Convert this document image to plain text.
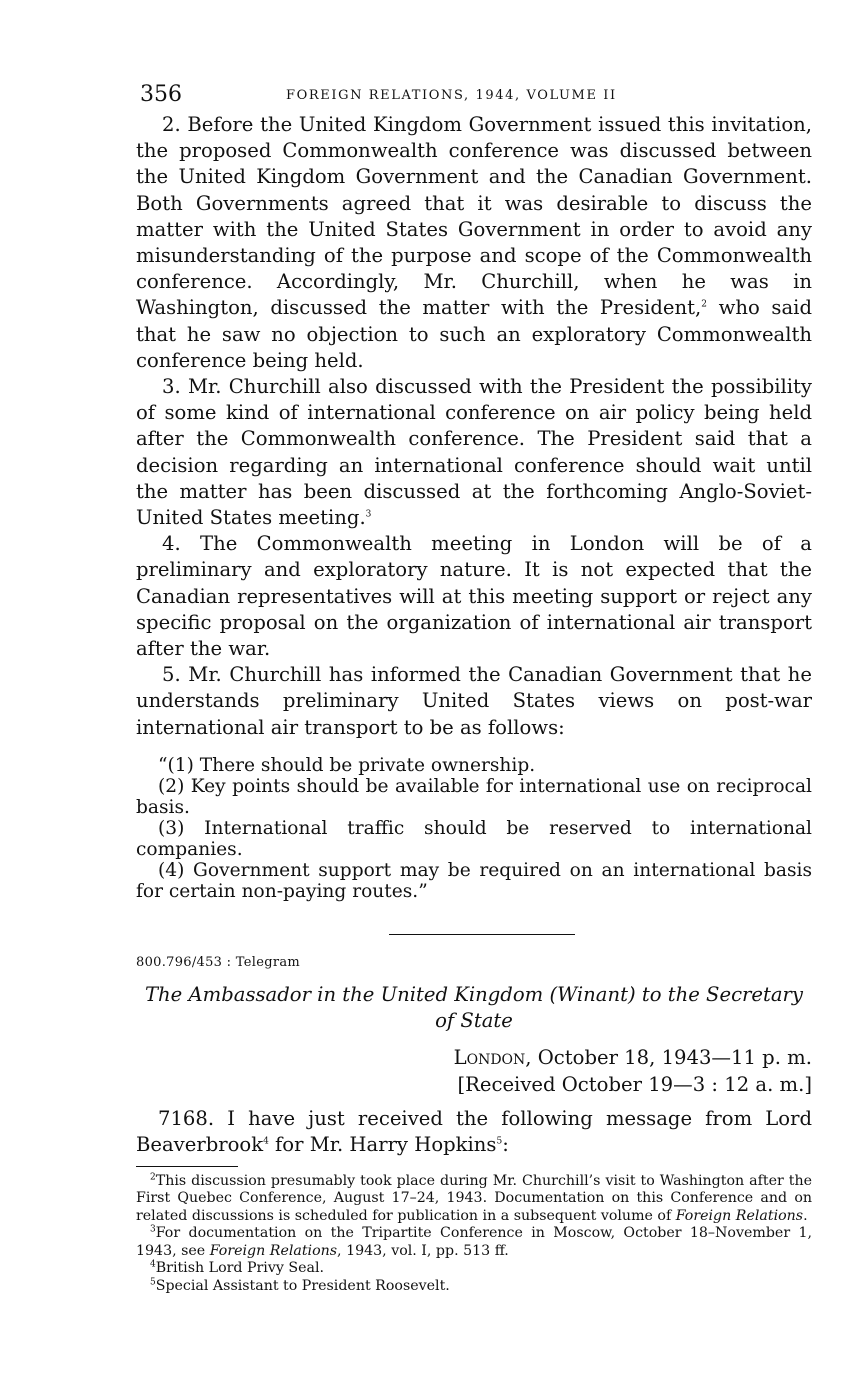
356	FOREIGN RELATIONS, 1944, VOLUME II

2. Before the United Kingdom Government issued this invitation, the proposed Commonwealth conference was discussed between the United Kingdom Government and the Canadian Government. Both Governments agreed that it was desirable to discuss the matter with the United States Government in order to avoid any misunderstanding of the purpose and scope of the Commonwealth conference. Accordingly, Mr. Churchill, when he was in Washington, discussed the matter with the President,$^2$ who said that he saw no objection to such an exploratory Commonwealth conference being held.

3. Mr. Churchill also discussed with the President the possibility of some kind of international conference on air policy being held after the Commonwealth conference. The President said that a decision regarding an international conference should wait until the matter has been discussed at the forthcoming Anglo-Soviet-United States meeting.$^3$

4. The Commonwealth meeting in London will be of a preliminary and exploratory nature. It is not expected that the Canadian representatives will at this meeting support or reject any specific proposal on the organization of international air transport after the war.

5. Mr. Churchill has informed the Canadian Government that he understands preliminary United States views on post-war international air transport to be as follows:

“(1) There should be private ownership.

(2) Key points should be available for international use on reciprocal basis.

(3) International traffic should be reserved to international companies.

(4) Government support may be required on an international basis for certain non-paying routes.”

800.796/453 : Telegram
The Ambassador in the United Kingdom (Winant) to the Secretary of State
London, October 18, 1943—11 p. m.
[Received October 19—3 : 12 a. m.]
7168. I have just received the following message from Lord Beaverbrook$^4$ for Mr. Harry Hopkins$^5$:

$^2$This discussion presumably took place during Mr. Churchill’s visit to Washington after the First Quebec Conference, August 17–24, 1943. Documentation on this Conference and on related discussions is scheduled for publication in a subsequent volume of Foreign Relations.

$^3$For documentation on the Tripartite Conference in Moscow, October 18–November 1, 1943, see Foreign Relations, 1943, vol. I, pp. 513 ff.

$^4$British Lord Privy Seal.

$^5$Special Assistant to President Roosevelt.
